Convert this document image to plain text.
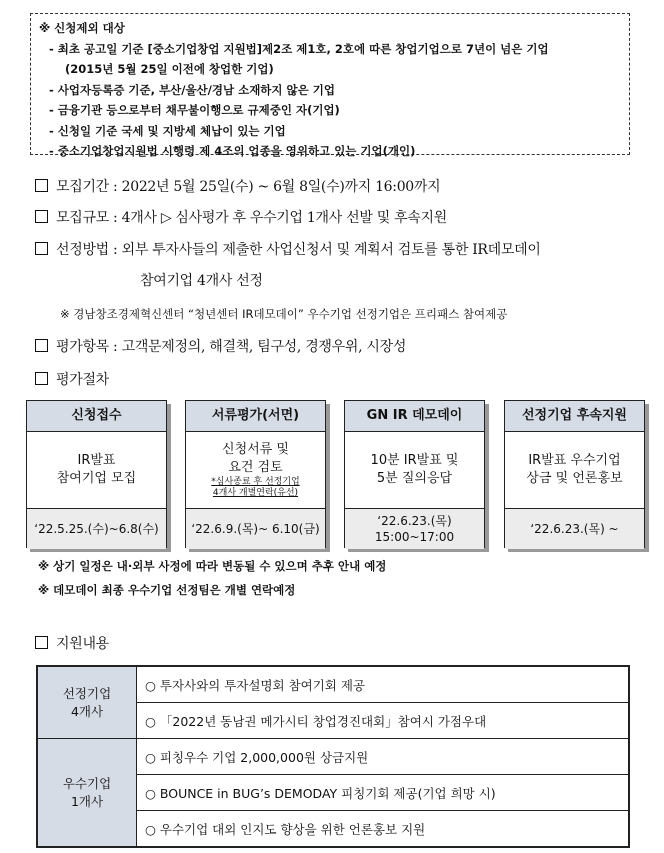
※ 신청제외 대상
- 최초 공고일 기준 [중소기업창업 지원법]제2조 제1호, 2호에 따른 창업기업으로 7년이 넘은 기업
(2015년 5월 25일 이전에 창업한 기업)
- 사업자등록증 기준, 부산/울산/경남 소재하지 않은 기업
- 금융기관 등으로부터 채무불이행으로 규제중인 자(기업)
- 신청일 기준 국세 및 지방세 체납이 있는 기업
- 중소기업창업지원법 시행령 제 4조의 업종을 영위하고 있는 기업(개인)
모집기간 : 2022년 5월 25일(수) ~ 6월 8일(수)까지 16:00까지
모집규모 : 4개사 ▷ 심사평가 후 우수기업 1개사 선발 및 후속지원
선정방법 : 외부 투자사들의 제출한 사업신청서 및 계획서 검토를 통한 IR데모데이
참여기업 4개사 선정
※ 경남창조경제혁신센터 “청년센터 IR데모데이” 우수기업 선정기업은 프리패스 참여제공
평가항목 : 고객문제정의, 해결책, 팀구성, 경쟁우위, 시장성
평가절차
신청접수
IR발표
참여기업 모집
‘22.5.25.(수)~6.8(수)
서류평가(서면)
신청서류 및
요건 검토
*심사종료 후 선정기업
4개사 개별연락(유선)
‘22.6.9.(목)~ 6.10(금)
GN IR 데모데이
10분 IR발표 및
5분 질의응답
‘22.6.23.(목)
15:00~17:00
선정기업 후속지원
IR발표 우수기업
상금 및 언론홍보
‘22.6.23.(목) ~
※ 상기 일정은 내·외부 사정에 따라 변동될 수 있으며 추후 안내 예정
※ 데모데이 최종 우수기업 선정팀은 개별 연락예정
지원내용
선정기업
4개사	○ 투자사와의 투자설명회 참여기회 제공
	○ 「2022년 동남권 메가시티 창업경진대회」참여시 가점우대

우수기업
1개사	○ 피칭우수 기업 2,000,000원 상금지원
	○ BOUNCE in BUG’s DEMODAY 피칭기회 제공(기업 희망 시)
	○ 우수기업 대외 인지도 향상을 위한 언론홍보 지원
